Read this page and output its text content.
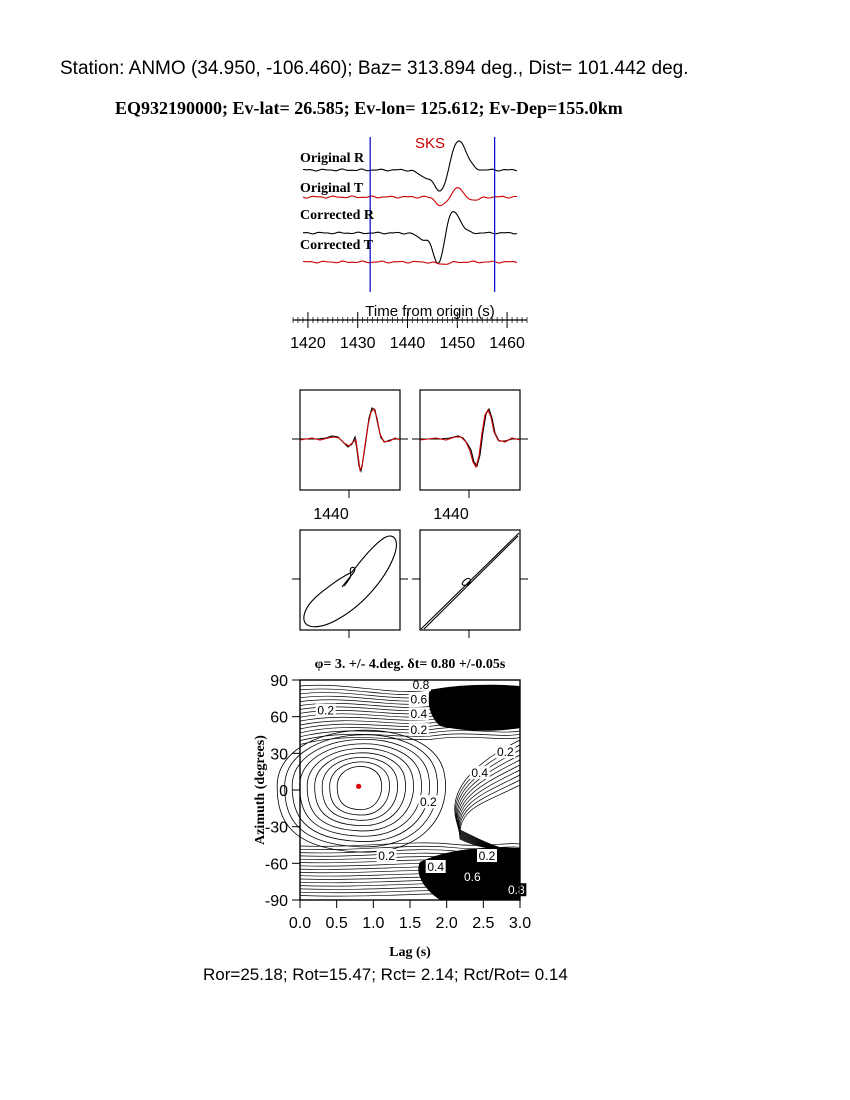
Station: ANMO (34.950, -106.460); Baz= 313.894 deg., Dist= 101.442 deg.
EQ932190000; Ev-lat= 26.585; Ev-lon= 125.612; Ev-Dep=155.0km
SKS
Original R
Original T
Corrected R
Corrected T
Time from origin (s)
1420 1430 1440 1450 1460
1440	1440
φ= 3. +/- 4.deg. δt= 0.80 +/-0.05s
0.2
0.8
0.6
0.4
0.2
0.2
0.4
0.2
0.2	0.2
0.4
0.6
0.8
0.0 0.5 1.0 1.5 2.0 2.5 3.0
90
60
30
0
-30
-60
-90
Lag (s)
Azimuth (degrees)
Ror=25.18; Rot=15.47; Rct= 2.14; Rct/Rot= 0.14
